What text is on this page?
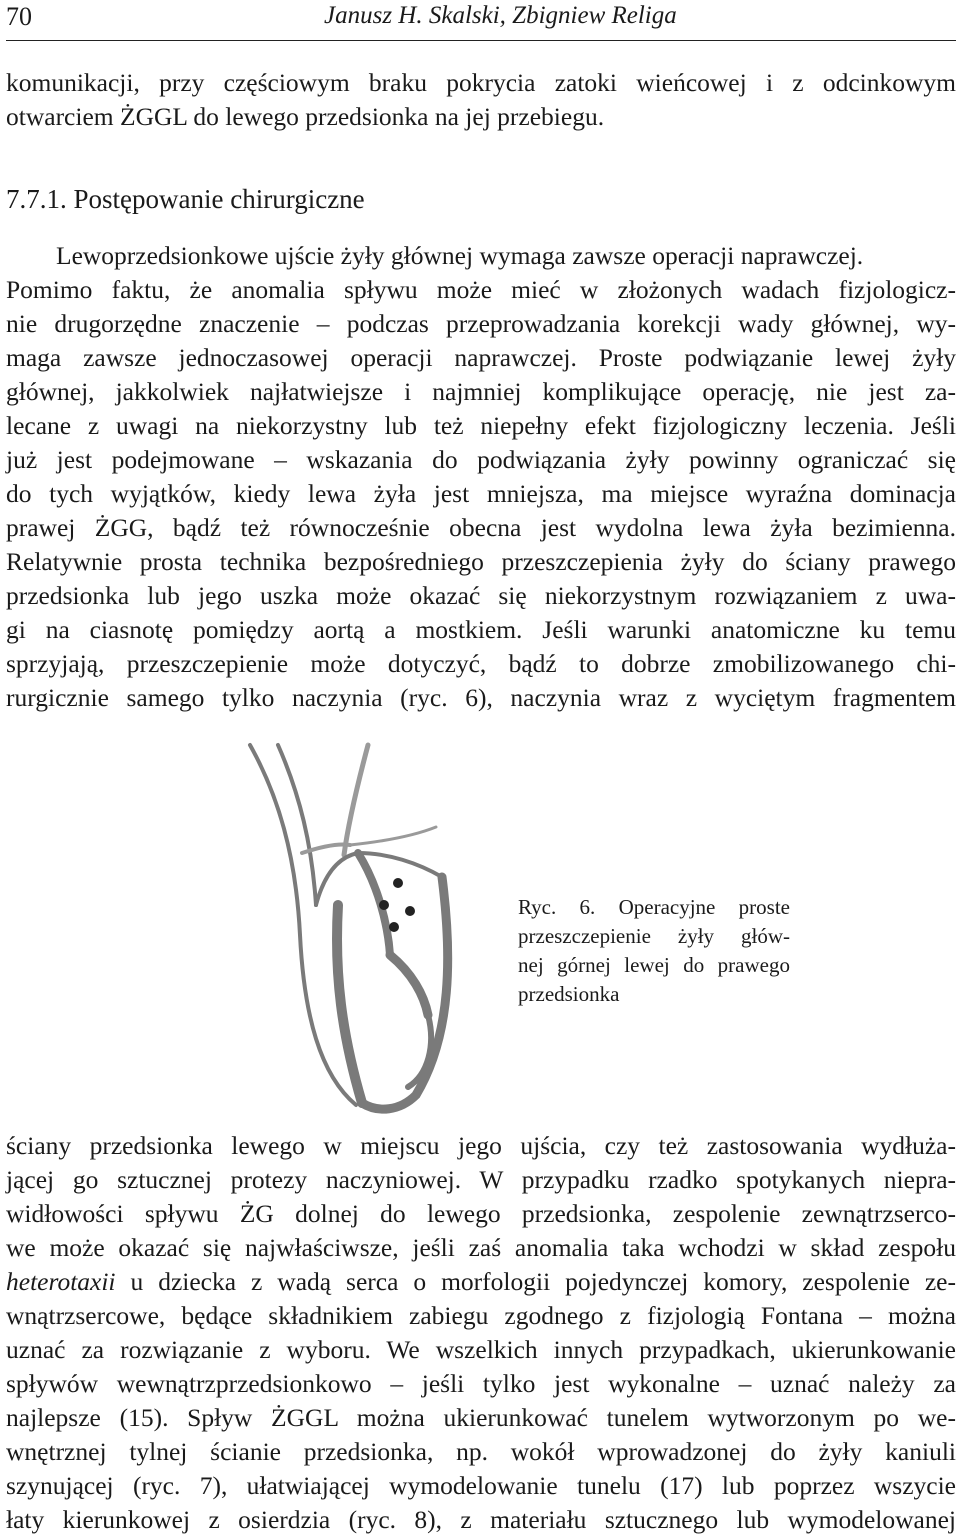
70	Janusz H. Skalski, Zbigniew Religa
komunikacji, przy częściowym braku pokrycia zatoki wieńcowej i z odcinkowym
otwarciem ŻGGL do lewego przedsionka na jej przebiegu.
7.7.1. Postępowanie chirurgiczne
Lewoprzedsionkowe ujście żyły głównej wymaga zawsze operacji naprawczej.
Pomimo faktu, że anomalia spływu może mieć w złożonych wadach fizjologicz-
nie drugorzędne znaczenie – podczas przeprowadzania korekcji wady głównej, wy-
maga zawsze jednoczasowej operacji naprawczej. Proste podwiązanie lewej żyły
głównej, jakkolwiek najłatwiejsze i najmniej komplikujące operację, nie jest za-
lecane z uwagi na niekorzystny lub też niepełny efekt fizjologiczny leczenia. Jeśli
już jest podejmowane – wskazania do podwiązania żyły powinny ograniczać się
do tych wyjątków, kiedy lewa żyła jest mniejsza, ma miejsce wyraźna dominacja
prawej ŻGG, bądź też równocześnie obecna jest wydolna lewa żyła bezimienna.
Relatywnie prosta technika bezpośredniego przeszczepienia żyły do ściany prawego
przedsionka lub jego uszka może okazać się niekorzystnym rozwiązaniem z uwa-
gi na ciasnotę pomiędzy aortą a mostkiem. Jeśli warunki anatomiczne ku temu
sprzyjają, przeszczepienie może dotyczyć, bądź to dobrze zmobilizowanego chi-
rurgicznie samego tylko naczynia (ryc. 6), naczynia wraz z wyciętym fragmentem
Ryc. 6. Operacyjne proste
przeszczepienie żyły głów-
nej górnej lewej do prawego
przedsionka
ściany przedsionka lewego w miejscu jego ujścia, czy też zastosowania wydłuża-
jącej go sztucznej protezy naczyniowej. W przypadku rzadko spotykanych niepra-
widłowości spływu ŻG dolnej do lewego przedsionka, zespolenie zewnątrzserco-
we może okazać się najwłaściwsze, jeśli zaś anomalia taka wchodzi w skład zespołu
heterotaxii u dziecka z wadą serca o morfologii pojedynczej komory, zespolenie ze-
wnątrzsercowe, będące składnikiem zabiegu zgodnego z fizjologią Fontana – można
uznać za rozwiązanie z wyboru. We wszelkich innych przypadkach, ukierunkowanie
spływów wewnątrzprzedsionkowo – jeśli tylko jest wykonalne – uznać należy za
najlepsze (15). Spływ ŻGGL można ukierunkować tunelem wytworzonym po we-
wnętrznej tylnej ścianie przedsionka, np. wokół wprowadzonej do żyły kaniuli
szynującej (ryc. 7), ułatwiającej wymodelowanie tunelu (17) lub poprzez wszycie
łaty kierunkowej z osierdzia (ryc. 8), z materiału sztucznego lub wymodelowanej
